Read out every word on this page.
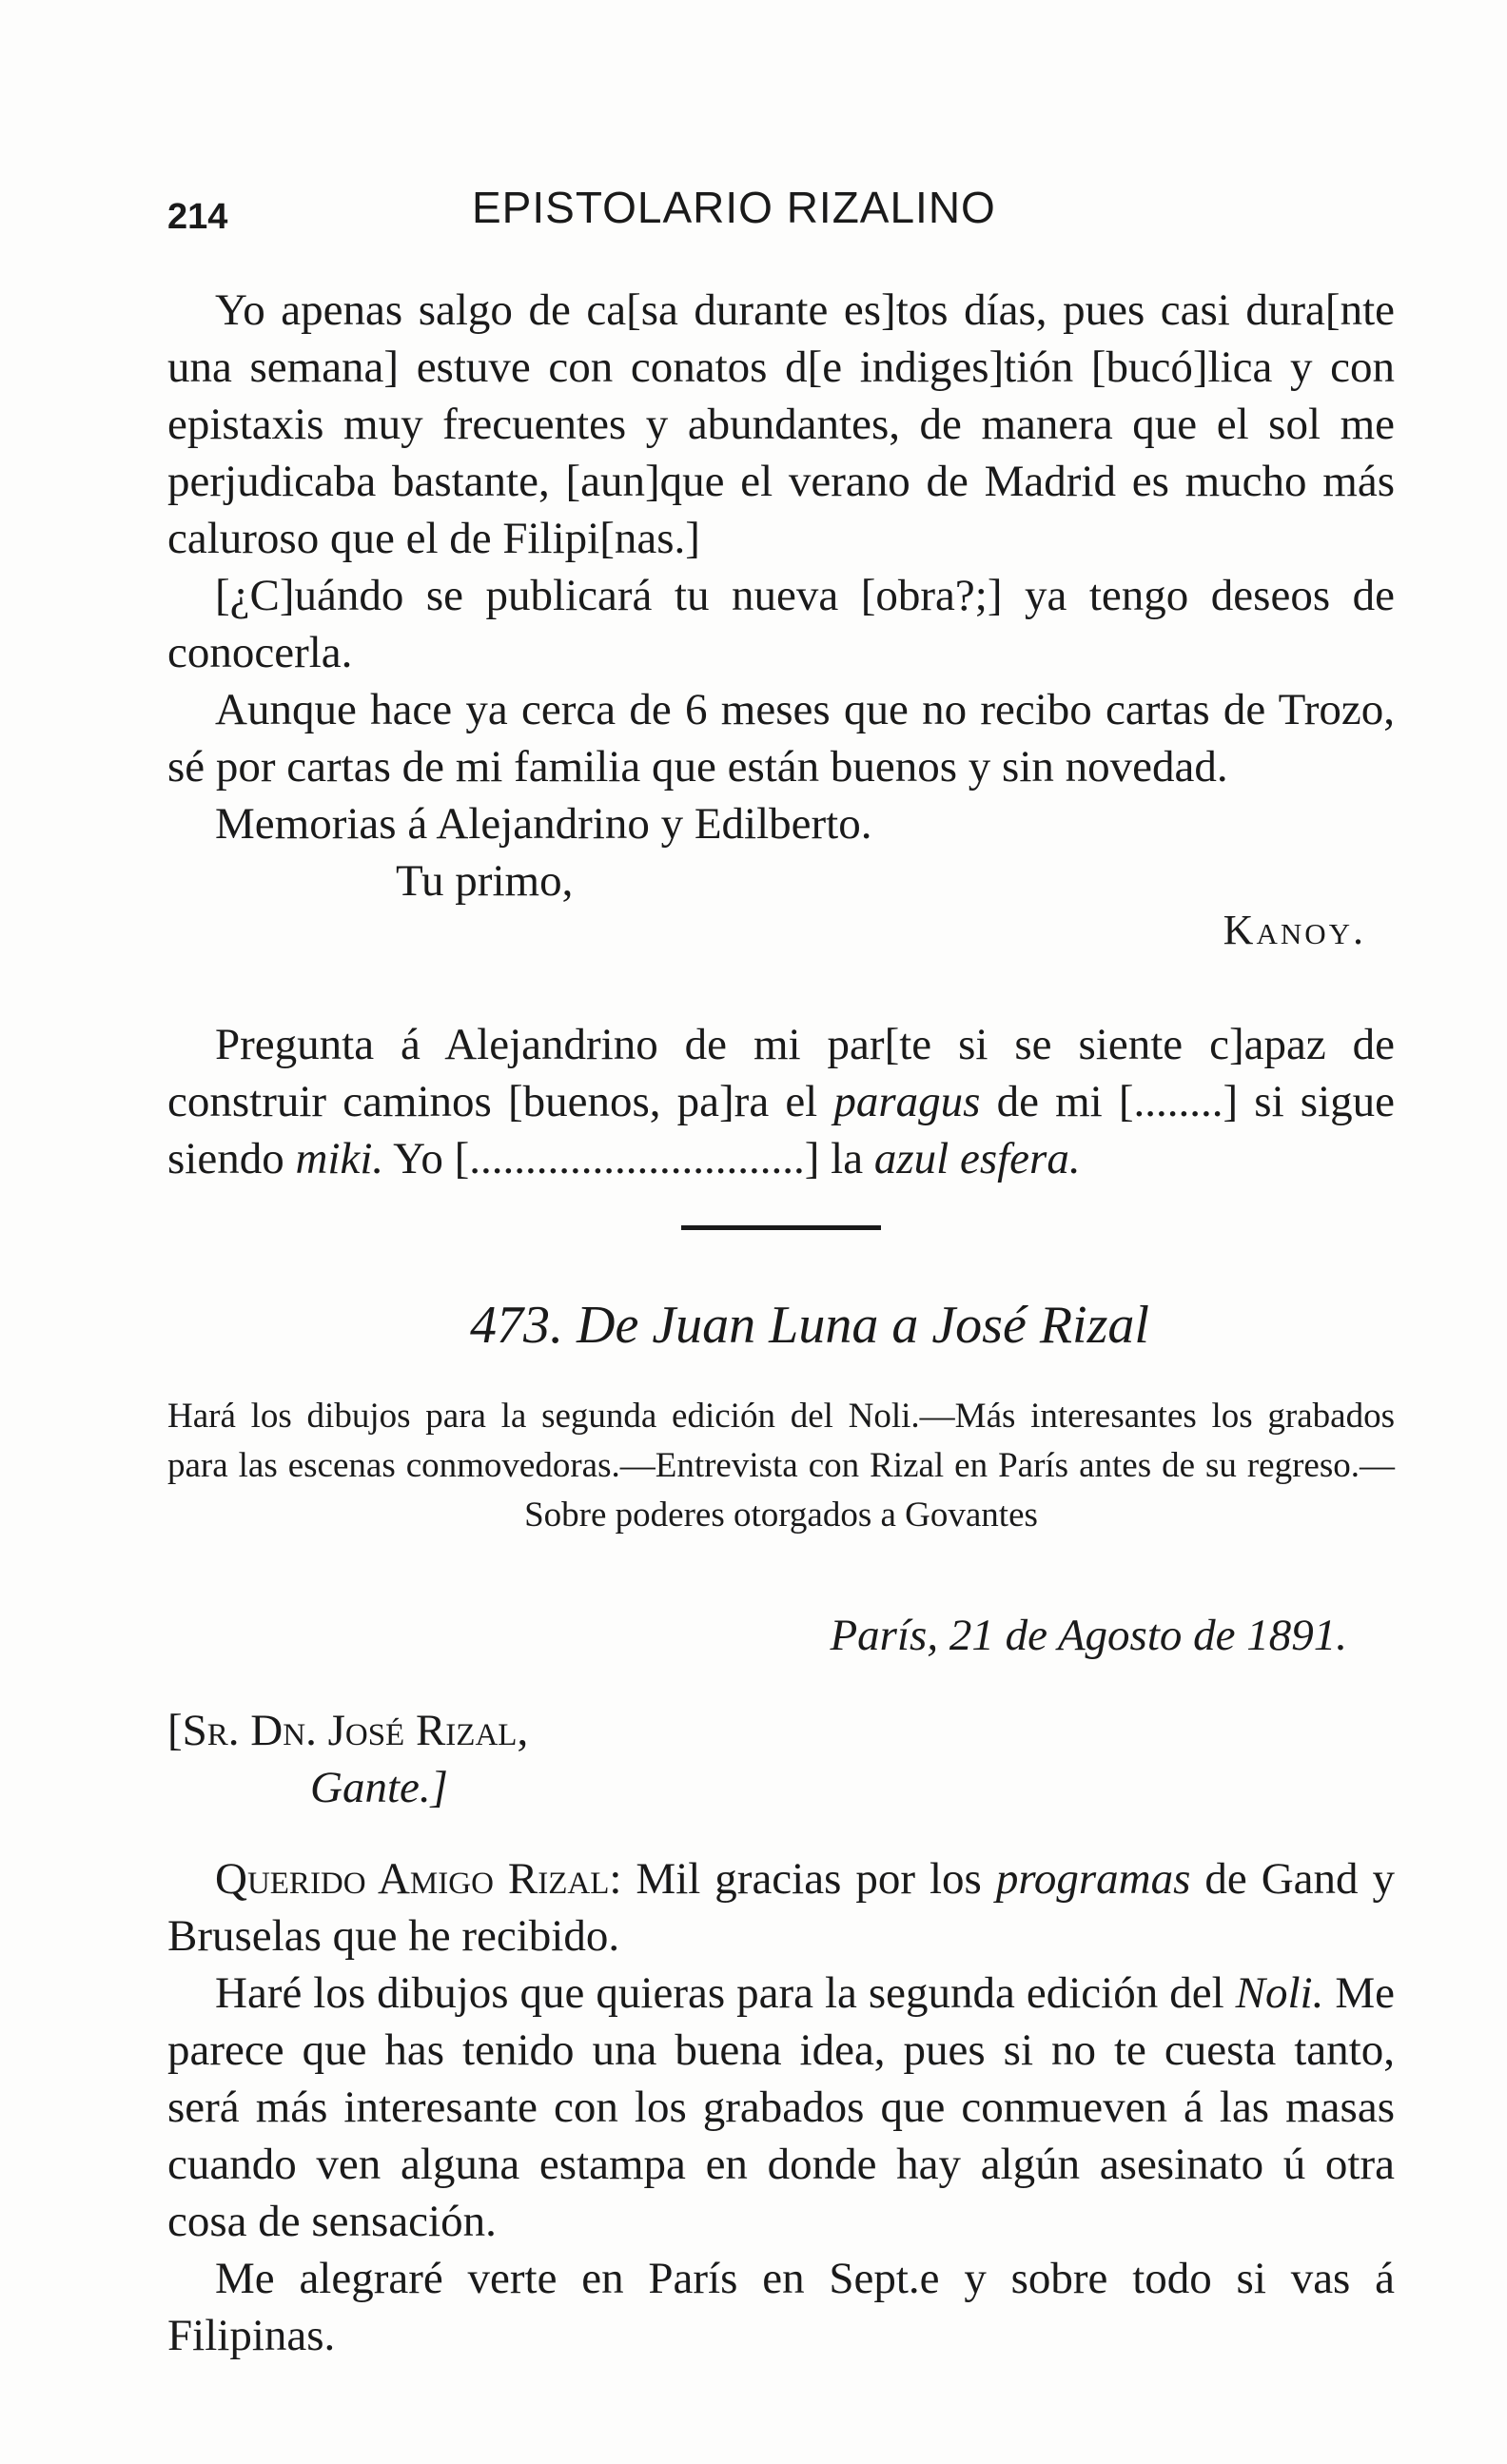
214	EPISTOLARIO RIZALINO

Yo apenas salgo de ca[sa durante es]tos días, pues casi dura[nte una semana] estuve con conatos d[e indiges]tión [bucó]lica y con epistaxis muy frecuentes y abundantes, de manera que el sol me perjudicaba bastante, [aun]que el verano de Madrid es mucho más caluroso que el de Filipi[nas.]

[¿C]uándo se publicará tu nueva [obra?;] ya tengo deseos de conocerla.

Aunque hace ya cerca de 6 meses que no recibo cartas de Trozo, sé por cartas de mi familia que están buenos y sin novedad.

Memorias á Alejandrino y Edilberto.

Tu primo,

Kanoy.

Pregunta á Alejandrino de mi par[te si se siente c]apaz de construir caminos [buenos, pa]ra el paragus de mi [........] si sigue siendo miki. Yo [..............................] la azul esfera.

473. De Juan Luna a José Rizal

Hará los dibujos para la segunda edición del Noli.—Más interesantes los grabados para las escenas conmovedoras.—Entrevista con Rizal en París antes de su regreso.—Sobre poderes otorgados a Govantes

París, 21 de Agosto de 1891.

[Sr. Dn. José Rizal,

Gante.]

Querido Amigo Rizal: Mil gracias por los programas de Gand y Bruselas que he recibido.

Haré los dibujos que quieras para la segunda edición del Noli. Me parece que has tenido una buena idea, pues si no te cuesta tanto, será más interesante con los grabados que conmueven á las masas cuando ven alguna estampa en donde hay algún asesinato ú otra cosa de sensación.

Me alegraré verte en París en Sept.e y sobre todo si vas á Filipinas.
